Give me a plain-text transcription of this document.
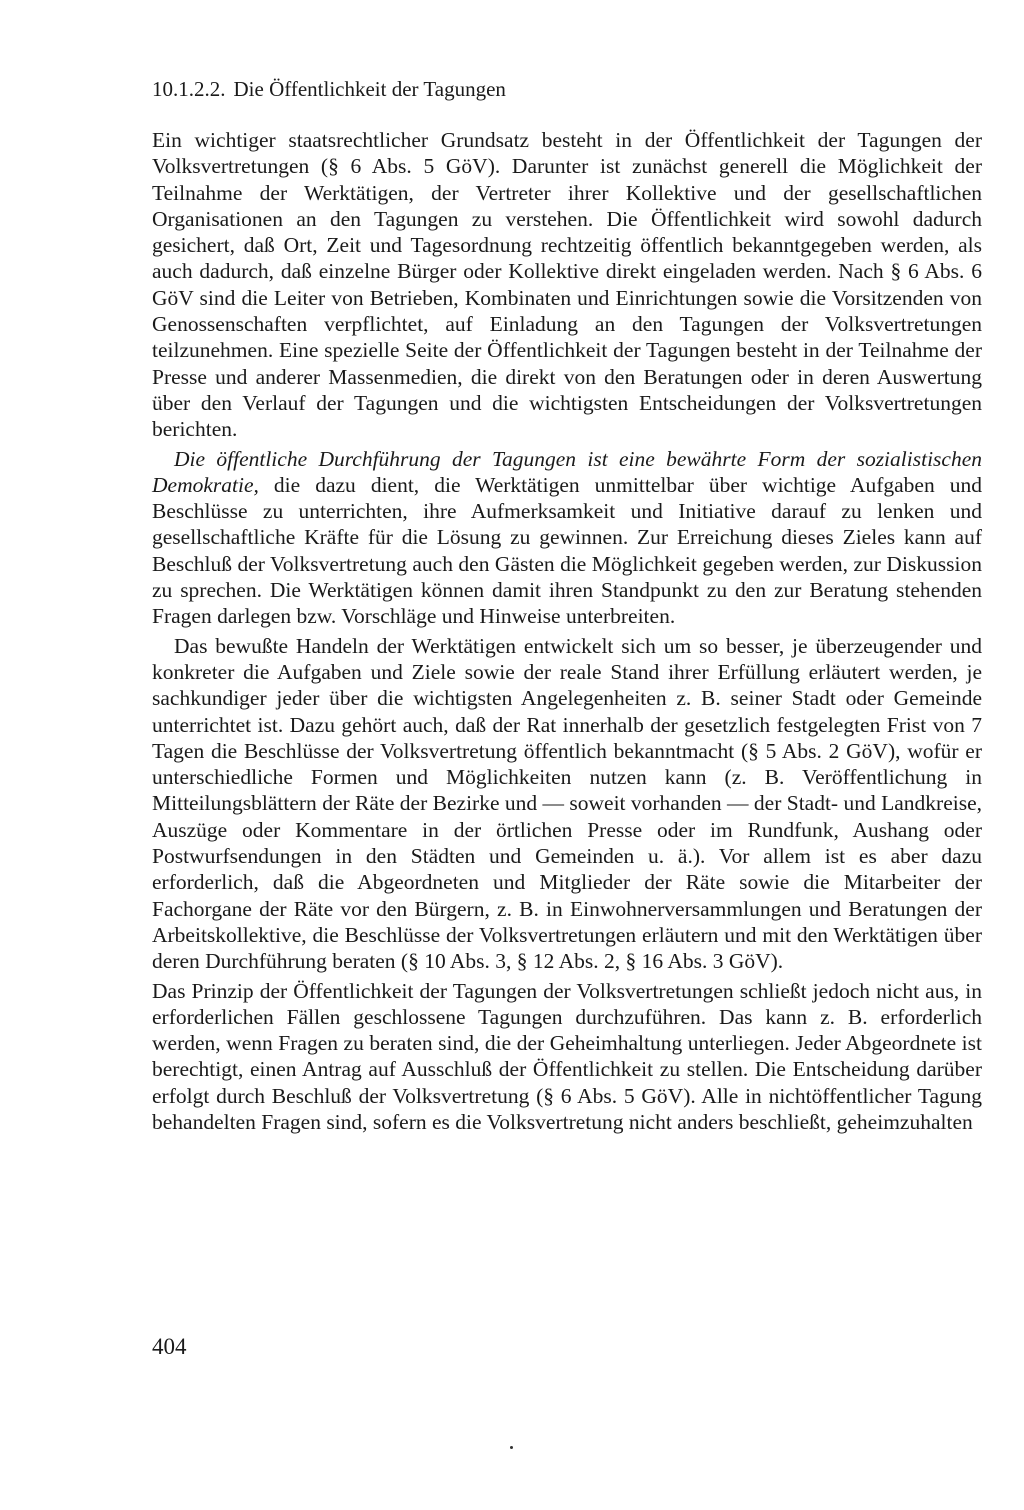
10.1.2.2. Die Öffentlichkeit der Tagungen

Ein wichtiger staatsrechtlicher Grundsatz besteht in der Öffentlichkeit der Tagungen der Volksvertretungen (§ 6 Abs. 5 GöV). Darunter ist zunächst generell die Möglichkeit der Teilnahme der Werktätigen, der Vertreter ihrer Kollektive und der gesellschaftlichen Organisationen an den Tagungen zu verstehen. Die Öffentlichkeit wird sowohl dadurch gesichert, daß Ort, Zeit und Tagesordnung rechtzeitig öffentlich bekanntgegeben werden, als auch dadurch, daß einzelne Bürger oder Kollektive direkt eingeladen werden. Nach § 6 Abs. 6 GöV sind die Leiter von Betrieben, Kombinaten und Einrichtungen sowie die Vorsitzenden von Genossenschaften verpflichtet, auf Einladung an den Tagungen der Volksvertretungen teilzunehmen. Eine spezielle Seite der Öffentlichkeit der Tagungen besteht in der Teilnahme der Presse und anderer Massenmedien, die direkt von den Beratungen oder in deren Auswertung über den Verlauf der Tagungen und die wichtigsten Entscheidungen der Volksvertretungen berichten.

Die öffentliche Durchführung der Tagungen ist eine bewährte Form der sozialistischen Demokratie, die dazu dient, die Werktätigen unmittelbar über wichtige Aufgaben und Beschlüsse zu unterrichten, ihre Aufmerksamkeit und Initiative darauf zu lenken und gesellschaftliche Kräfte für die Lösung zu gewinnen. Zur Erreichung dieses Zieles kann auf Beschluß der Volksvertretung auch den Gästen die Möglichkeit gegeben werden, zur Diskussion zu sprechen. Die Werktätigen können damit ihren Standpunkt zu den zur Beratung stehenden Fragen darlegen bzw. Vorschläge und Hinweise unterbreiten.

Das bewußte Handeln der Werktätigen entwickelt sich um so besser, je überzeugender und konkreter die Aufgaben und Ziele sowie der reale Stand ihrer Erfüllung erläutert werden, je sachkundiger jeder über die wichtigsten Angelegenheiten z. B. seiner Stadt oder Gemeinde unterrichtet ist. Dazu gehört auch, daß der Rat innerhalb der gesetzlich festgelegten Frist von 7 Tagen die Beschlüsse der Volksvertretung öffentlich bekanntmacht (§ 5 Abs. 2 GöV), wofür er unterschiedliche Formen und Möglichkeiten nutzen kann (z. B. Veröffentlichung in Mitteilungsblättern der Räte der Bezirke und — soweit vorhanden — der Stadt- und Landkreise, Auszüge oder Kommentare in der örtlichen Presse oder im Rundfunk, Aushang oder Postwurfsendungen in den Städten und Gemeinden u. ä.). Vor allem ist es aber dazu erforderlich, daß die Abgeordneten und Mitglieder der Räte sowie die Mitarbeiter der Fachorgane der Räte vor den Bürgern, z. B. in Einwohnerversammlungen und Beratungen der Arbeitskollektive, die Beschlüsse der Volksvertretungen erläutern und mit den Werktätigen über deren Durchführung beraten (§ 10 Abs. 3, § 12 Abs. 2, § 16 Abs. 3 GöV).

Das Prinzip der Öffentlichkeit der Tagungen der Volksvertretungen schließt jedoch nicht aus, in erforderlichen Fällen geschlossene Tagungen durchzuführen. Das kann z. B. erforderlich werden, wenn Fragen zu beraten sind, die der Geheimhaltung unterliegen. Jeder Abgeordnete ist berechtigt, einen Antrag auf Ausschluß der Öffentlichkeit zu stellen. Die Entscheidung darüber erfolgt durch Beschluß der Volksvertretung (§ 6 Abs. 5 GöV). Alle in nichtöffentlicher Tagung behandelten Fragen sind, sofern es die Volksvertretung nicht anders beschließt, geheimzuhalten

404
